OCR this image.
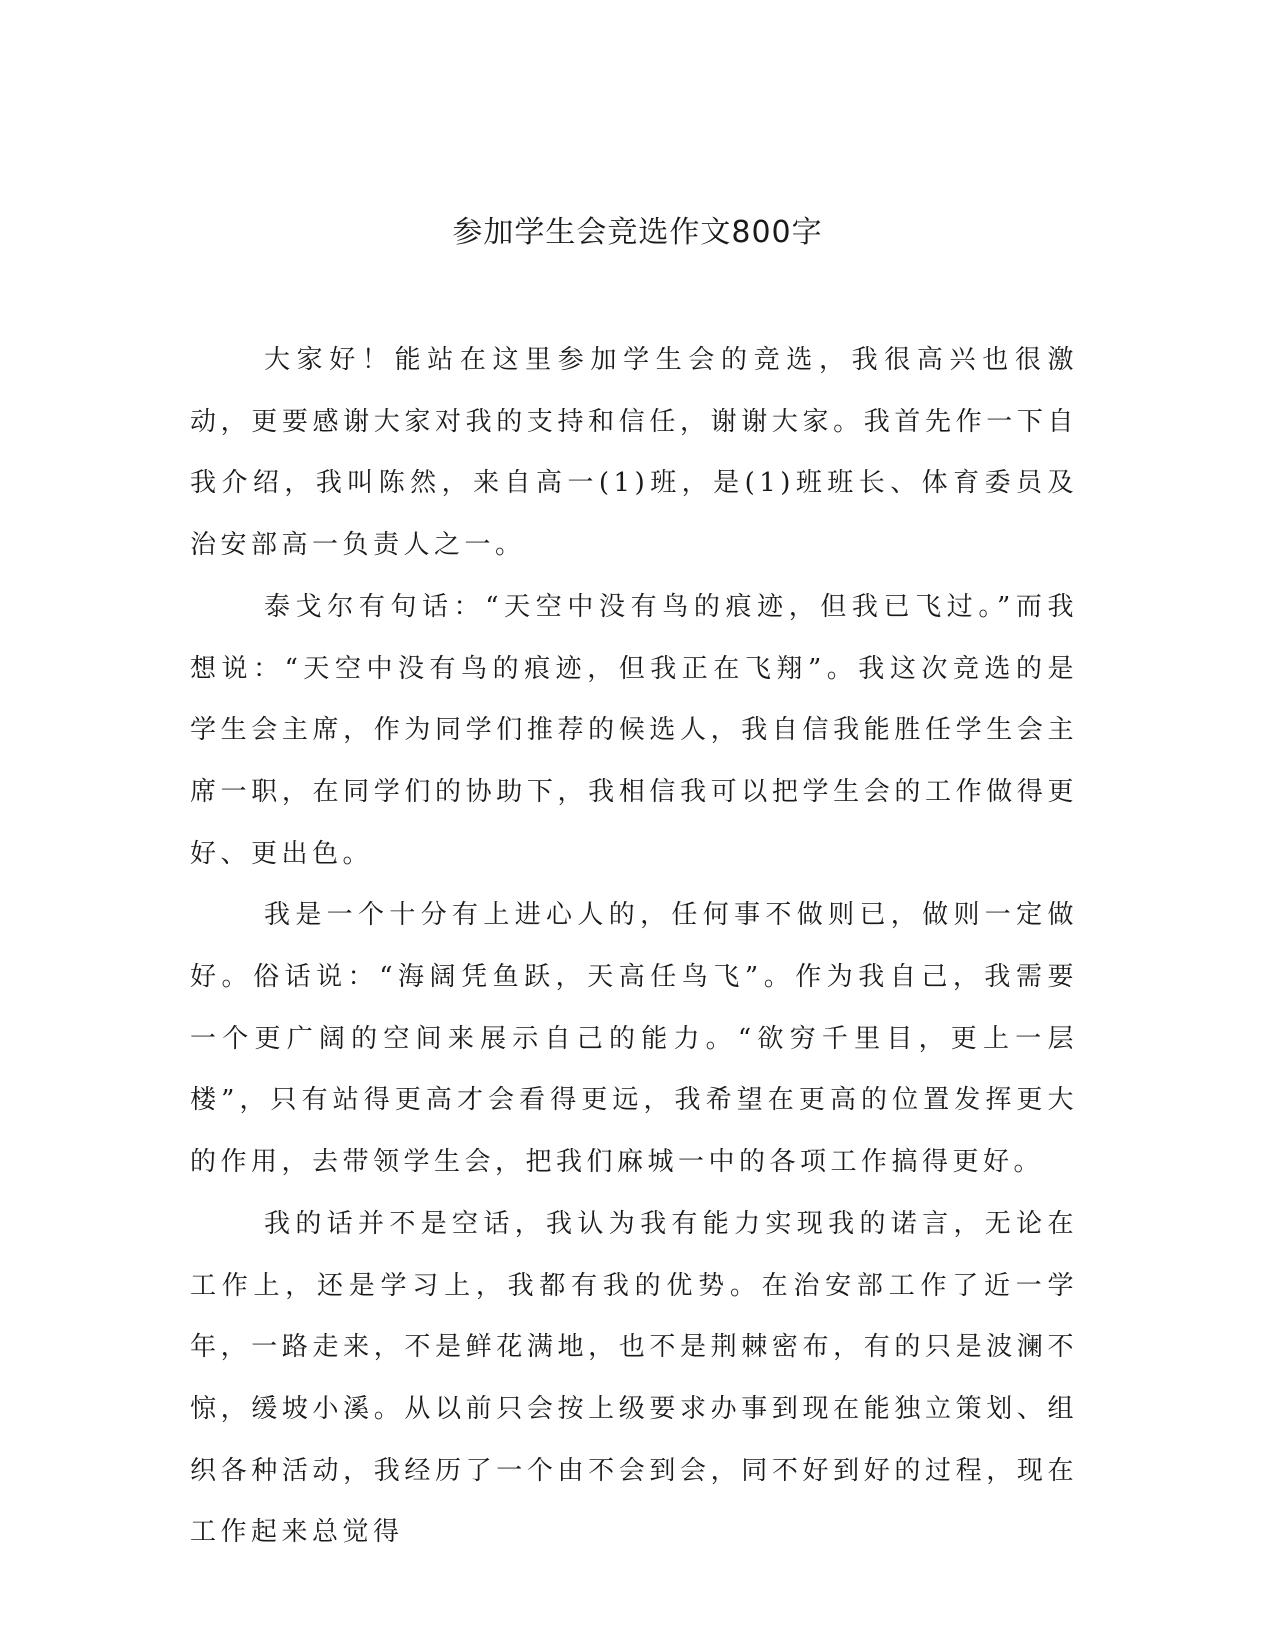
参加学生会竞选作文800字

大家好！能站在这里参加学生会的竞选，我很高兴也很激动，更要感谢大家对我的支持和信任，谢谢大家。我首先作一下自我介绍，我叫陈然，来自高一(1)班，是(1)班班长、体育委员及治安部高一负责人之一。

泰戈尔有句话：“天空中没有鸟的痕迹，但我已飞过。”而我想说：“天空中没有鸟的痕迹，但我正在飞翔”。我这次竞选的是学生会主席，作为同学们推荐的候选人，我自信我能胜任学生会主席一职，在同学们的协助下，我相信我可以把学生会的工作做得更好、更出色。

我是一个十分有上进心人的，任何事不做则已，做则一定做好。俗话说：“海阔凭鱼跃，天高任鸟飞”。作为我自己，我需要一个更广阔的空间来展示自己的能力。“欲穷千里目，更上一层楼”，只有站得更高才会看得更远，我希望在更高的位置发挥更大的作用，去带领学生会，把我们麻城一中的各项工作搞得更好。

我的话并不是空话，我认为我有能力实现我的诺言，无论在工作上，还是学习上，我都有我的优势。在治安部工作了近一学年，一路走来，不是鲜花满地，也不是荆棘密布，有的只是波澜不惊，缓坡小溪。从以前只会按上级要求办事到现在能独立策划、组织各种活动，我经历了一个由不会到会，同不好到好的过程，现在工作起来总觉得
